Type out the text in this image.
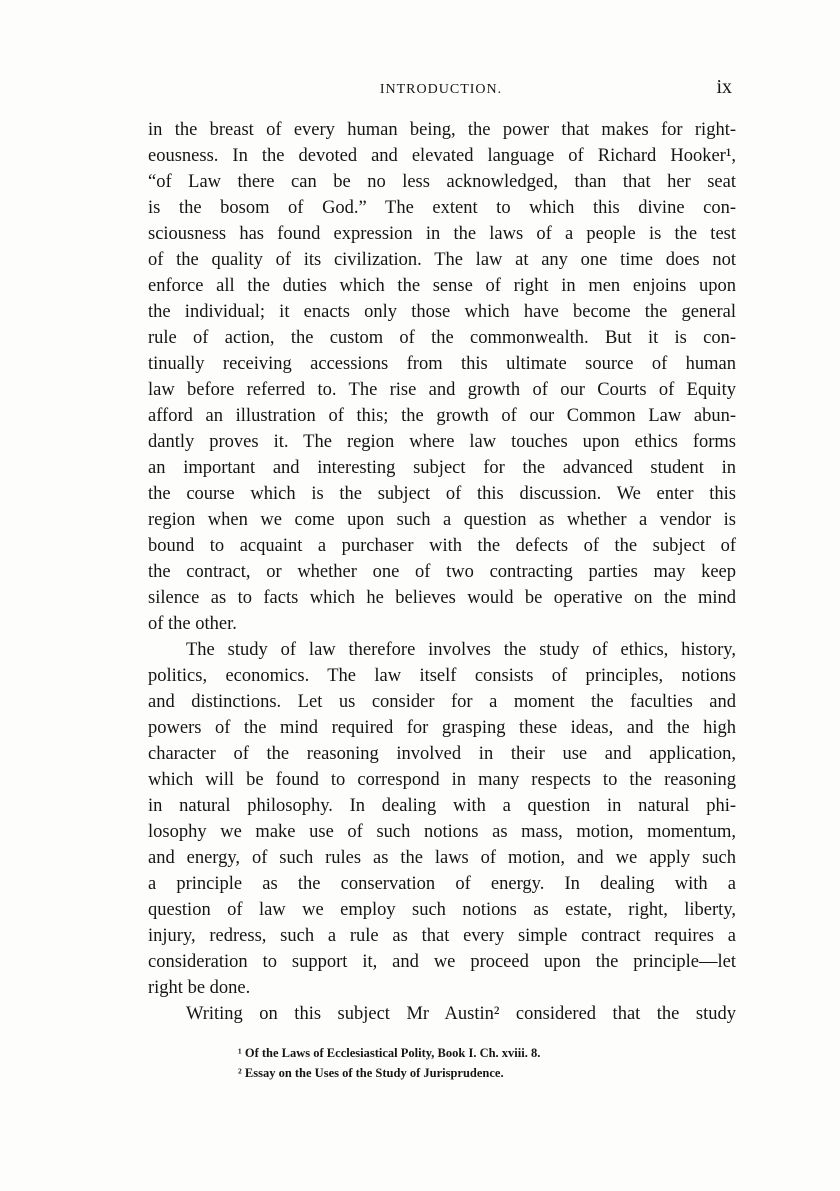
INTRODUCTION.	ix
in the breast of every human being, the power that makes for right-
eousness. In the devoted and elevated language of Richard Hooker¹,
“of Law there can be no less acknowledged, than that her seat
is the bosom of God.” The extent to which this divine con-
sciousness has found expression in the laws of a people is the test
of the quality of its civilization. The law at any one time does not
enforce all the duties which the sense of right in men enjoins upon
the individual; it enacts only those which have become the general
rule of action, the custom of the commonwealth. But it is con-
tinually receiving accessions from this ultimate source of human
law before referred to. The rise and growth of our Courts of Equity
afford an illustration of this; the growth of our Common Law abun-
dantly proves it. The region where law touches upon ethics forms
an important and interesting subject for the advanced student in
the course which is the subject of this discussion. We enter this
region when we come upon such a question as whether a vendor is
bound to acquaint a purchaser with the defects of the subject of
the contract, or whether one of two contracting parties may keep
silence as to facts which he believes would be operative on the mind
of the other.
The study of law therefore involves the study of ethics, history,
politics, economics. The law itself consists of principles, notions
and distinctions. Let us consider for a moment the faculties and
powers of the mind required for grasping these ideas, and the high
character of the reasoning involved in their use and application,
which will be found to correspond in many respects to the reasoning
in natural philosophy. In dealing with a question in natural phi-
losophy we make use of such notions as mass, motion, momentum,
and energy, of such rules as the laws of motion, and we apply such
a principle as the conservation of energy. In dealing with a
question of law we employ such notions as estate, right, liberty,
injury, redress, such a rule as that every simple contract requires a
consideration to support it, and we proceed upon the principle—let
right be done.
Writing on this subject Mr Austin² considered that the study
¹ Of the Laws of Ecclesiastical Polity, Book I. Ch. xviii. 8.
² Essay on the Uses of the Study of Jurisprudence.
